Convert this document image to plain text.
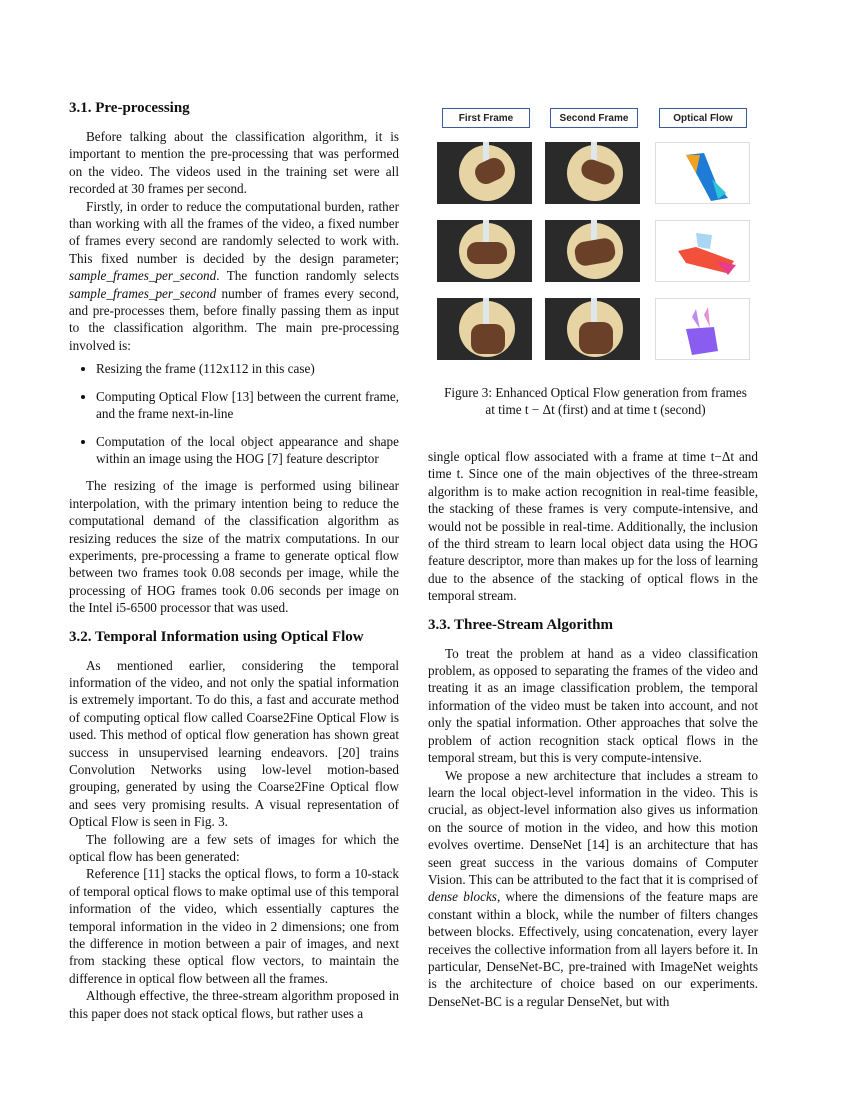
3.1. Pre-processing

Before talking about the classification algorithm, it is important to mention the pre-processing that was performed on the video. The videos used in the training set were all recorded at 30 frames per second.

Firstly, in order to reduce the computational burden, rather than working with all the frames of the video, a fixed number of frames every second are randomly selected to work with. This fixed number is decided by the design parameter; sample_frames_per_second. The function randomly selects sample_frames_per_second number of frames every second, and pre-processes them, before finally passing them as input to the classification algorithm. The main pre-processing involved is:

• Resizing the frame (112x112 in this case)
• Computing Optical Flow [13] between the current frame, and the frame next-in-line
• Computation of the local object appearance and shape within an image using the HOG [7] feature descriptor

The resizing of the image is performed using bilinear interpolation, with the primary intention being to reduce the computational demand of the classification algorithm as resizing reduces the size of the matrix computations. In our experiments, pre-processing a frame to generate optical flow between two frames took 0.08 seconds per image, while the processing of HOG frames took 0.06 seconds per image on the Intel i5-6500 processor that was used.

3.2. Temporal Information using Optical Flow

As mentioned earlier, considering the temporal information of the video, and not only the spatial information is extremely important. To do this, a fast and accurate method of computing optical flow called Coarse2Fine Optical Flow is used. This method of optical flow generation has shown great success in unsupervised learning endeavors. [20] trains Convolution Networks using low-level motion-based grouping, generated by using the Coarse2Fine Optical flow and sees very promising results. A visual representation of Optical Flow is seen in Fig. 3.

The following are a few sets of images for which the optical flow has been generated:

Reference [11] stacks the optical flows, to form a 10-stack of temporal optical flows to make optimal use of this temporal information of the video, which essentially captures the temporal information in the video in 2 dimensions; one from the difference in motion between a pair of images, and next from stacking these optical flow vectors, to maintain the difference in optical flow between all the frames.

Although effective, the three-stream algorithm proposed in this paper does not stack optical flows, but rather uses a

First Frame	Second Frame	Optical Flow
Figure 3: Enhanced Optical Flow generation from frames
at time t − Δt (first) and at time t (second)

single optical flow associated with a frame at time t−Δt and time t. Since one of the main objectives of the three-stream algorithm is to make action recognition in real-time feasible, the stacking of these frames is very compute-intensive, and would not be possible in real-time. Additionally, the inclusion of the third stream to learn local object data using the HOG feature descriptor, more than makes up for the loss of learning due to the absence of the stacking of optical flows in the temporal stream.

3.3. Three-Stream Algorithm

To treat the problem at hand as a video classification problem, as opposed to separating the frames of the video and treating it as an image classification problem, the temporal information of the video must be taken into account, and not only the spatial information. Other approaches that solve the problem of action recognition stack optical flows in the temporal stream, but this is very compute-intensive.

We propose a new architecture that includes a stream to learn the local object-level information in the video. This is crucial, as object-level information also gives us information on the source of motion in the video, and how this motion evolves overtime. DenseNet [14] is an architecture that has seen great success in the various domains of Computer Vision. This can be attributed to the fact that it is comprised of dense blocks, where the dimensions of the feature maps are constant within a block, while the number of filters changes between blocks. Effectively, using concatenation, every layer receives the collective information from all layers before it. In particular, DenseNet-BC, pre-trained with ImageNet weights is the architecture of choice based on our experiments. DenseNet-BC is a regular DenseNet, but with
